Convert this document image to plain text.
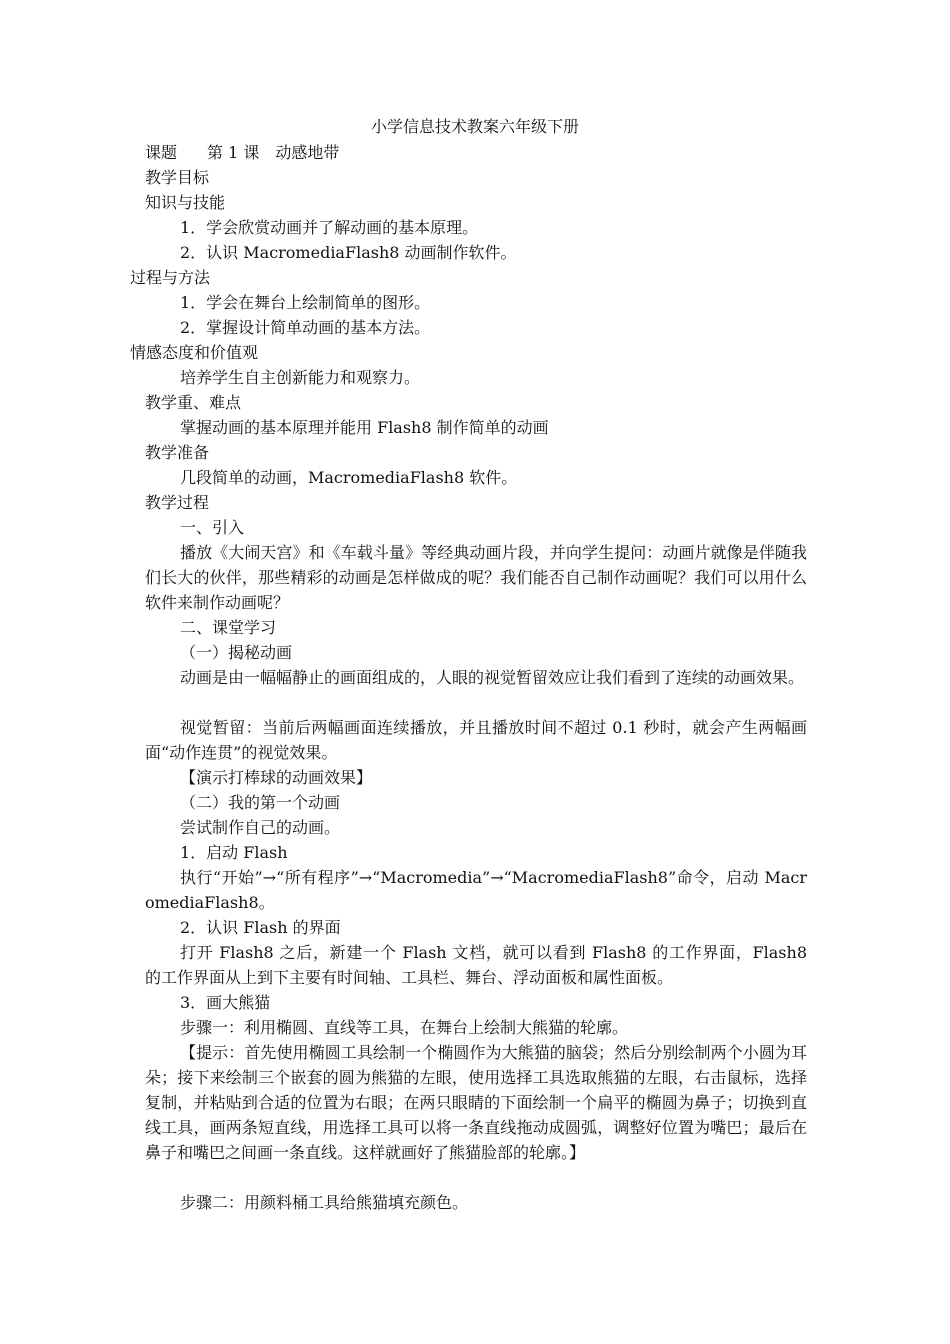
小学信息技术教案六年级下册
课题 第 1 课　动感地带
教学目标
知识与技能
1．学会欣赏动画并了解动画的基本原理。
2．认识 MacromediaFlash8 动画制作软件。
过程与方法
1．学会在舞台上绘制简单的图形。
2．掌握设计简单动画的基本方法。
情感态度和价值观
培养学生自主创新能力和观察力。
教学重、难点
掌握动画的基本原理并能用 Flash8 制作简单的动画
教学准备
几段简单的动画，MacromediaFlash8 软件。
教学过程
一、引入
播放《大闹天宫》和《车载斗量》等经典动画片段，并向学生提问：动画片就像是伴随我们长大的伙伴，那些精彩的动画是怎样做成的呢？我们能否自己制作动画呢？我们可以用什么软件来制作动画呢？
二、课堂学习
（一）揭秘动画
动画是由一幅幅静止的画面组成的，人眼的视觉暂留效应让我们看到了连续的动画效果。
视觉暂留：当前后两幅画面连续播放，并且播放时间不超过 0.1 秒时，就会产生两幅画面“动作连贯”的视觉效果。
【演示打棒球的动画效果】
（二）我的第一个动画
尝试制作自己的动画。
1．启动 Flash
执行“开始”→“所有程序”→“Macromedia”→“MacromediaFlash8”命令，启动 MacromediaFlash8。
2．认识 Flash 的界面
打开 Flash8 之后，新建一个 Flash 文档，就可以看到 Flash8 的工作界面，Flash8 的工作界面从上到下主要有时间轴、工具栏、舞台、浮动面板和属性面板。
3．画大熊猫
步骤一：利用椭圆、直线等工具，在舞台上绘制大熊猫的轮廓。
【提示：首先使用椭圆工具绘制一个椭圆作为大熊猫的脑袋；然后分别绘制两个小圆为耳朵；接下来绘制三个嵌套的圆为熊猫的左眼，使用选择工具选取熊猫的左眼，右击鼠标，选择复制，并粘贴到合适的位置为右眼；在两只眼睛的下面绘制一个扁平的椭圆为鼻子；切换到直线工具，画两条短直线，用选择工具可以将一条直线拖动成圆弧，调整好位置为嘴巴；最后在鼻子和嘴巴之间画一条直线。这样就画好了熊猫脸部的轮廓。】
步骤二：用颜料桶工具给熊猫填充颜色。
